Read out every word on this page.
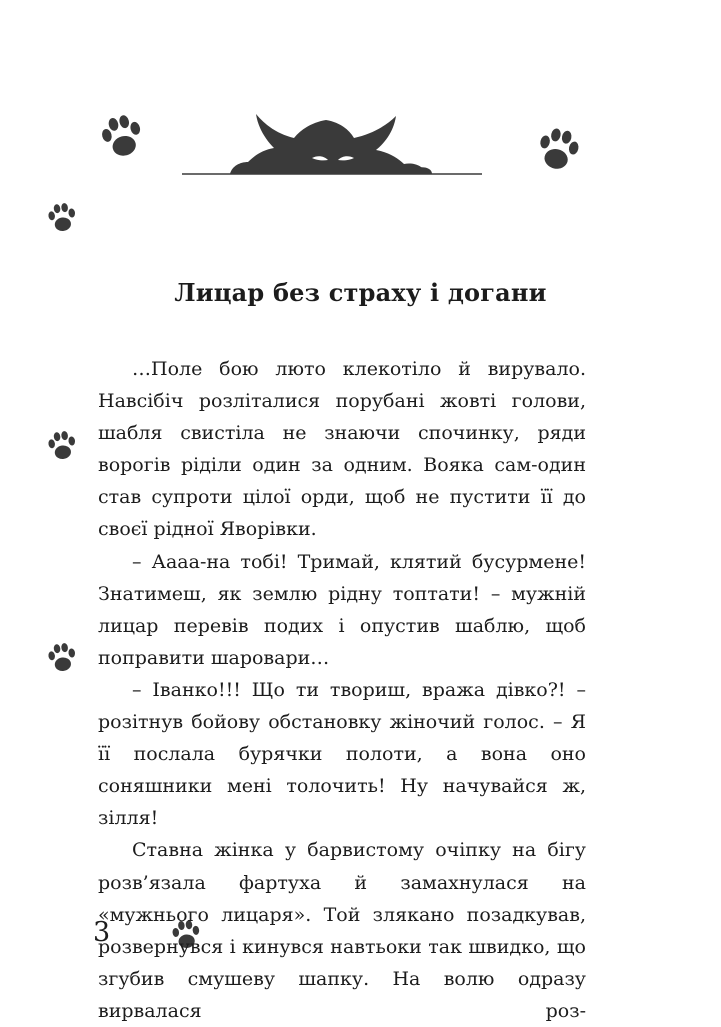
Лицар без страху і догани

…Поле бою люто клекотіло й вирувало. Навсібіч розліталися порубані жовті голови, шабля свистіла не знаючи спочинку, ряди ворогів ріділи один за одним. Вояка сам-один став супроти цілої орди, щоб не пустити її до своєї рідної Яворівки.

– Аааа-на тобі! Тримай, клятий бусурмене! Знатимеш, як землю рідну топтати! – мужній лицар перевів подих і опустив шаблю, щоб поправити шаровари…

– Іванко!!! Що ти твориш, вража дівко?! – розітнув бойову обстановку жіночий голос. – Я її послала бурячки полоти, а вона оно соняшники мені толочить! Ну начувайся ж, зілля!

Ставна жінка у барвистому очіпку на бігу розв’язала фартуха й замахнулася на «мужнього лицаря». Той злякано позадкував, розвернувся і кинувся навтьоки так швидко, що згубив смушеву шапку. На волю одразу вирвалася роз-

3
